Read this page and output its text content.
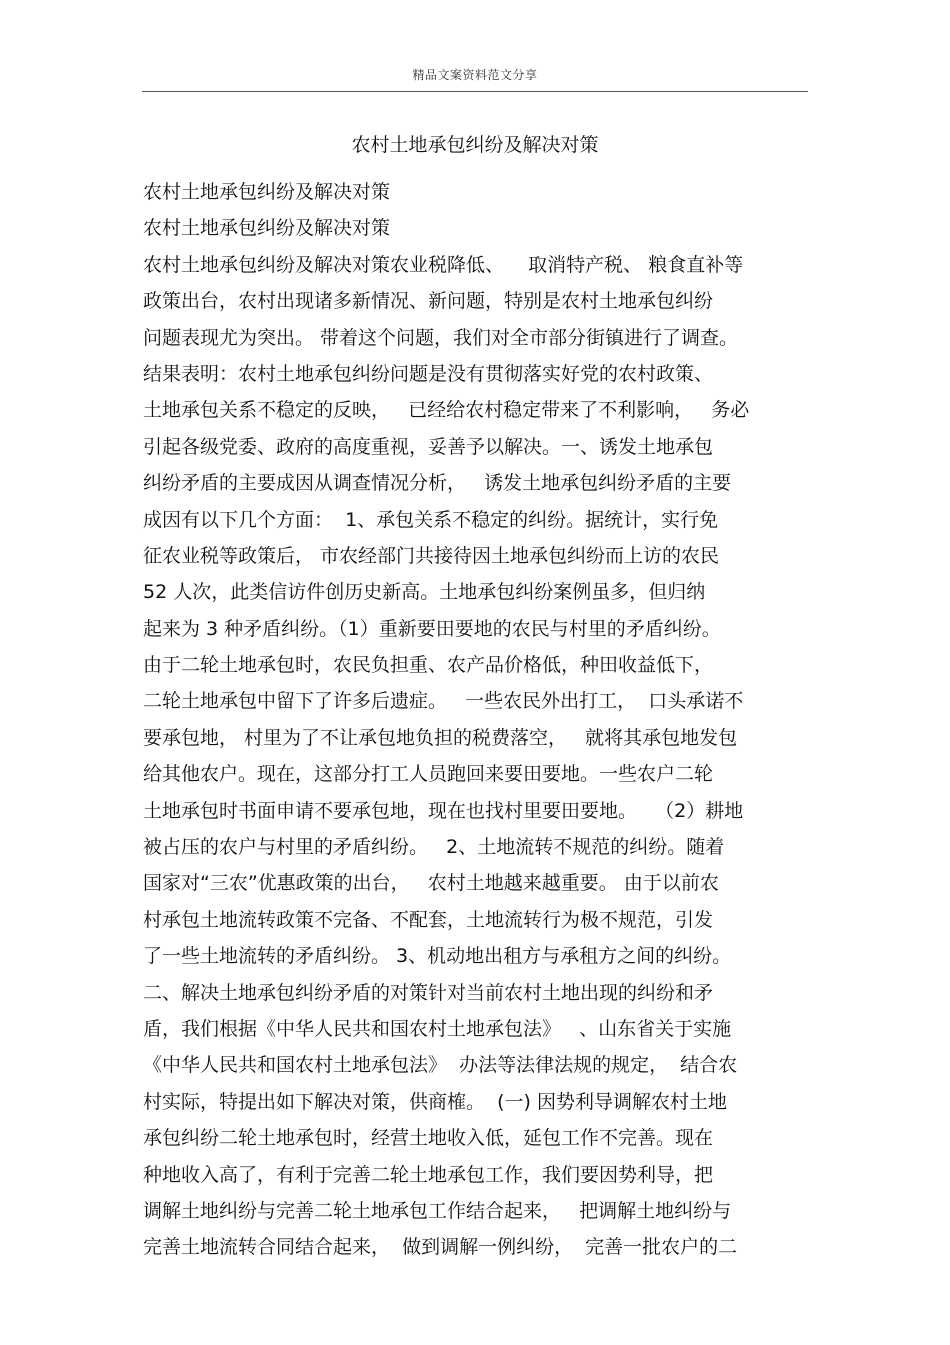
精品文案资料范文分享
农村土地承包纠纷及解决对策
农村土地承包纠纷及解决对策
农村土地承包纠纷及解决对策
农村土地承包纠纷及解决对策农业税降低、    取消特产税、 粮食直补等
政策出台，农村出现诸多新情况、新问题，特别是农村土地承包纠纷
问题表现尤为突出。 带着这个问题，我们对全市部分街镇进行了调查。
结果表明：农村土地承包纠纷问题是没有贯彻落实好党的农村政策、
土地承包关系不稳定的反映，   已经给农村稳定带来了不利影响，   务必
引起各级党委、政府的高度重视，妥善予以解决。一、诱发土地承包
纠纷矛盾的主要成因从调查情况分析，   诱发土地承包纠纷矛盾的主要
成因有以下几个方面：  1、承包关系不稳定的纠纷。据统计，实行免
征农业税等政策后， 市农经部门共接待因土地承包纠纷而上访的农民
52 人次，此类信访件创历史新高。土地承包纠纷案例虽多，但归纳
起来为 3 种矛盾纠纷。（1）重新要田要地的农民与村里的矛盾纠纷。
由于二轮土地承包时，农民负担重、农产品价格低，种田收益低下，
二轮土地承包中留下了许多后遗症。   一些农民外出打工，  口头承诺不
要承包地， 村里为了不让承包地负担的税费落空，   就将其承包地发包
给其他农户。现在，这部分打工人员跑回来要田要地。一些农户二轮
土地承包时书面申请不要承包地，现在也找村里要田要地。   （2）耕地
被占压的农户与村里的矛盾纠纷。   2、土地流转不规范的纠纷。随着
国家对“三农”优惠政策的出台，   农村土地越来越重要。 由于以前农
村承包土地流转政策不完备、不配套，土地流转行为极不规范，引发
了一些土地流转的矛盾纠纷。 3、机动地出租方与承租方之间的纠纷。
二、解决土地承包纠纷矛盾的对策针对当前农村土地出现的纠纷和矛
盾，我们根据《中华人民共和国农村土地承包法》   、山东省关于实施
《中华人民共和国农村土地承包法》  办法等法律法规的规定，  结合农
村实际，特提出如下解决对策，供商榷。  (一) 因势利导调解农村土地
承包纠纷二轮土地承包时，经营土地收入低，延包工作不完善。现在
种地收入高了，有利于完善二轮土地承包工作，我们要因势利导，把
调解土地纠纷与完善二轮土地承包工作结合起来，   把调解土地纠纷与
完善土地流转合同结合起来，  做到调解一例纠纷，  完善一批农户的二
